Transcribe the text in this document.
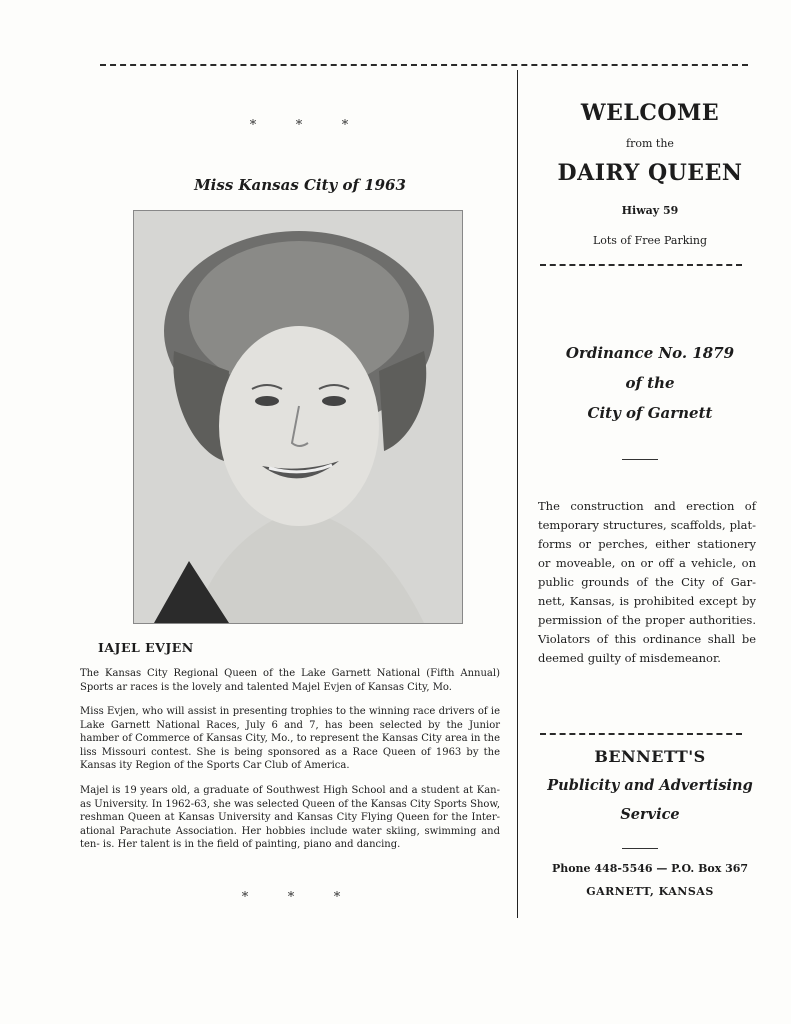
*	*	*
Miss Kansas City of 1963
IAJEL EVJEN

The Kansas City Regional Queen of the Lake Garnett National (Fifth Annual) Sports ar races is the lovely and talented Majel Evjen of Kansas City, Mo.

Miss Evjen, who will assist in presenting trophies to the winning race drivers of ie Lake Garnett National Races, July 6 and 7, has been selected by the Junior hamber of Commerce of Kansas City, Mo., to represent the Kansas City area in the liss Missouri contest. She is being sponsored as a Race Queen of 1963 by the Kansas ity Region of the Sports Car Club of America.

Majel is 19 years old, a graduate of Southwest High School and a student at Kan- as University. In 1962-63, she was selected Queen of the Kansas City Sports Show, reshman Queen at Kansas University and Kansas City Flying Queen for the Inter- ational Parachute Association. Her hobbies include water skiing, swimming and ten- is. Her talent is in the field of painting, piano and dancing.

*	*	*
WELCOME
from the
DAIRY QUEEN
Hiway 59
Lots of Free Parking
Ordinance No. 1879
of the
City of Garnett

The construction and erection of temporary structures, scaffolds, plat- forms or perches, either stationery or moveable, on or off a vehicle, on public grounds of the City of Gar- nett, Kansas, is prohibited except by permission of the proper authorities. Violators of this ordinance shall be deemed guilty of misdemeanor.

BENNETT'S
Publicity and Advertising
Service
Phone 448-5546 — P.O. Box 367
GARNETT, KANSAS
